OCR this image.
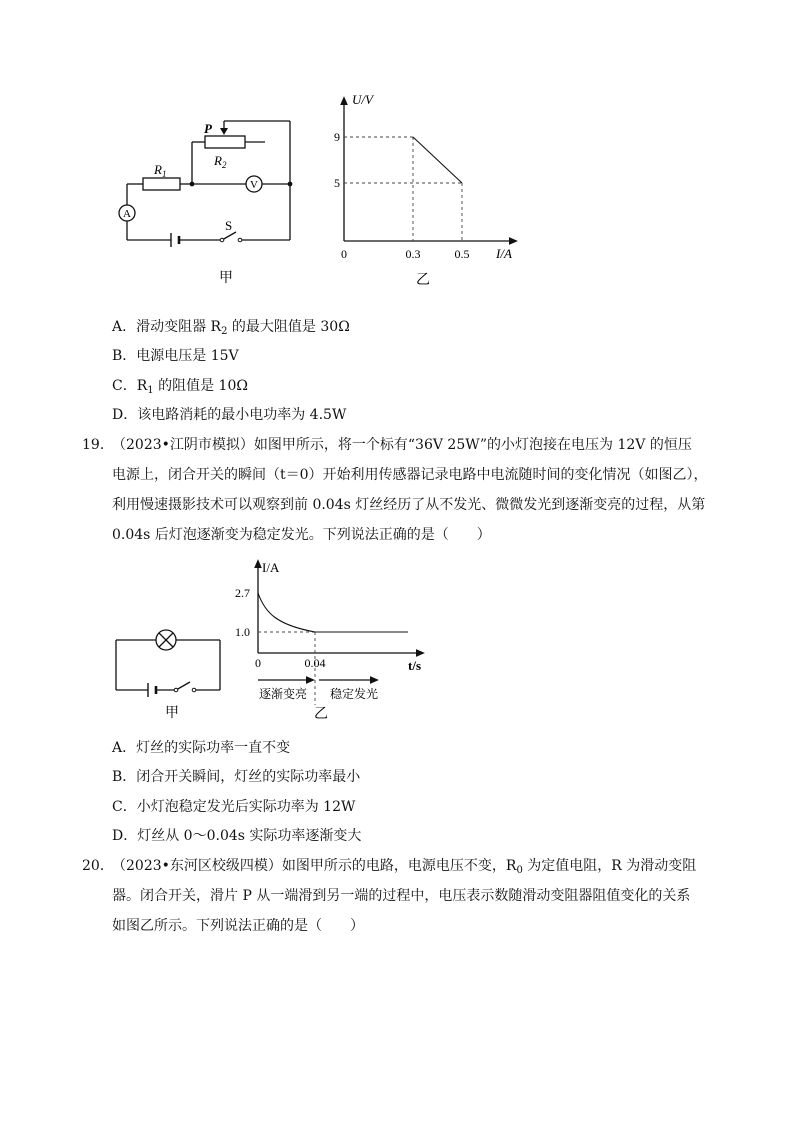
P
$R_2$
$R_1$
V
A
S
甲
U/V
I/A
0
9
5
0.3	0.5
乙
A．滑动变阻器 $R_2$ 的最大阻值是 30Ω
B．电源电压是 15V
C．$R_1$ 的阻值是 10Ω
D．该电路消耗的最小电功率为 4.5W
19．
（2023•江阴市模拟）如图甲所示，将一个标有“36V 25W”的小灯泡接在电压为 12V 的恒压
电源上，闭合开关的瞬间（t＝0）开始利用传感器记录电路中电流随时间的变化情况（如图乙），
利用慢速摄影技术可以观察到前 0.04s 灯丝经历了从不发光、微微发光到逐渐变亮的过程，从第
0.04s 后灯泡逐渐变为稳定发光。下列说法正确的是（　　）
甲
I/A
t/s
2.7
1.0
0	0.04
逐渐变亮 稳定发光
乙
A．灯丝的实际功率一直不变
B．闭合开关瞬间，灯丝的实际功率最小
C．小灯泡稳定发光后实际功率为 12W
D．灯丝从 0～0.04s 实际功率逐渐变大
20．
（2023•东河区校级四模）如图甲所示的电路，电源电压不变，$R_0$ 为定值电阻，R 为滑动变阻
器。闭合开关，滑片 P 从一端滑到另一端的过程中，电压表示数随滑动变阻器阻值变化的关系
如图乙所示。下列说法正确的是（　　）
